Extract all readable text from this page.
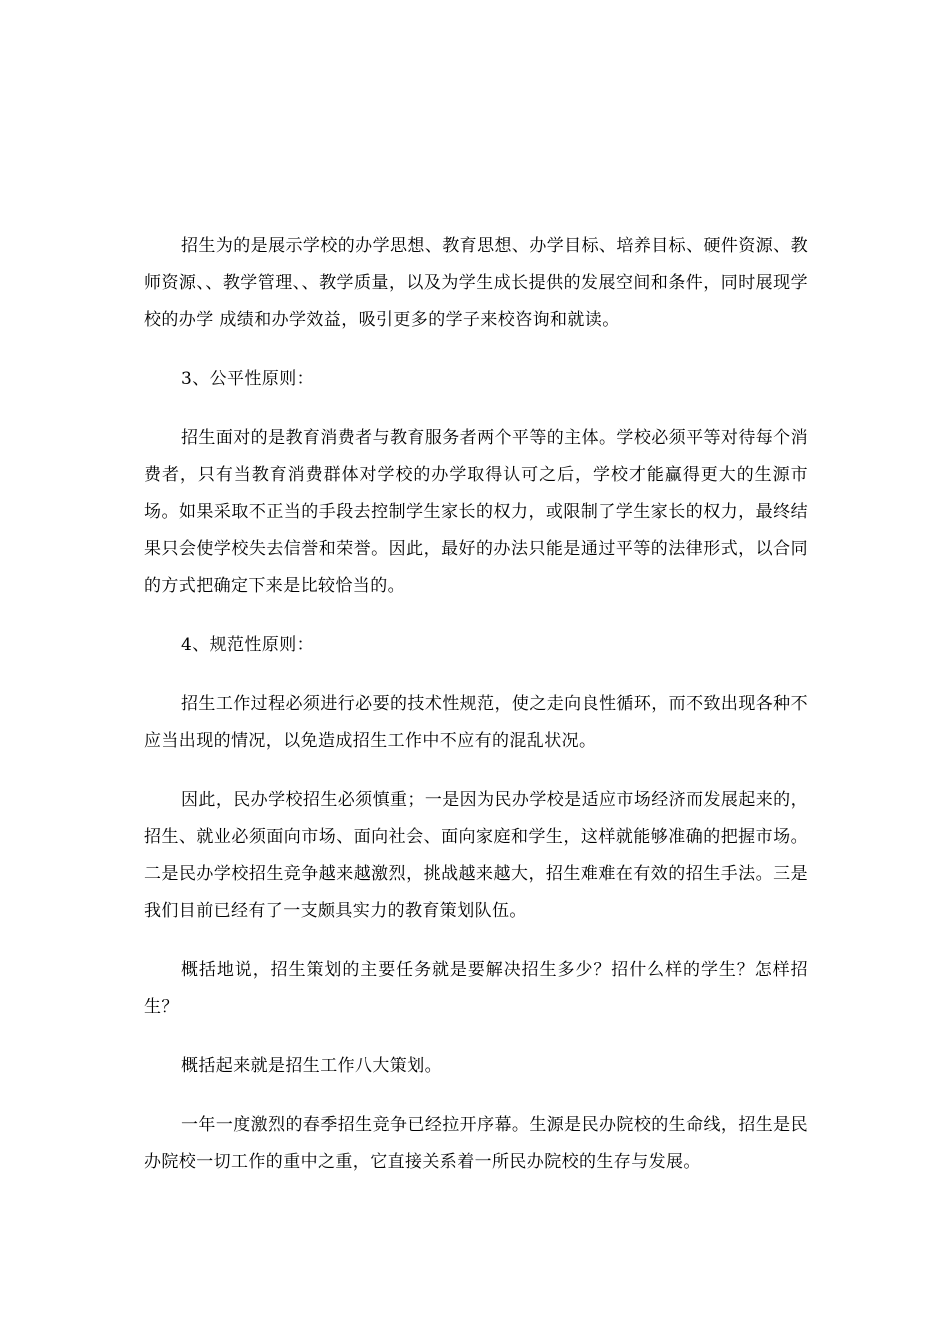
招生为的是展示学校的办学思想、教育思想、办学目标、培养目标、硬件资源、教师资源、、教学管理、、教学质量，以及为学生成长提供的发展空间和条件，同时展现学校的办学 成绩和办学效益，吸引更多的学子来校咨询和就读。

3、公平性原则：

招生面对的是教育消费者与教育服务者两个平等的主体。学校必须平等对待每个消费者，只有当教育消费群体对学校的办学取得认可之后，学校才能赢得更大的生源市场。如果采取不正当的手段去控制学生家长的权力，或限制了学生家长的权力，最终结果只会使学校失去信誉和荣誉。因此，最好的办法只能是通过平等的法律形式，以合同的方式把确定下来是比较恰当的。

4、规范性原则：

招生工作过程必须进行必要的技术性规范，使之走向良性循环，而不致出现各种不应当出现的情况，以免造成招生工作中不应有的混乱状况。

因此，民办学校招生必须慎重；一是因为民办学校是适应市场经济而发展起来的，招生、就业必须面向市场、面向社会、面向家庭和学生，这样就能够准确的把握市场。二是民办学校招生竞争越来越激烈，挑战越来越大，招生难难在有效的招生手法。三是我们目前已经有了一支颇具实力的教育策划队伍。

概括地说，招生策划的主要任务就是要解决招生多少？招什么样的学生？怎样招生？

概括起来就是招生工作八大策划。

一年一度激烈的春季招生竞争已经拉开序幕。生源是民办院校的生命线，招生是民办院校一切工作的重中之重，它直接关系着一所民办院校的生存与发展。
